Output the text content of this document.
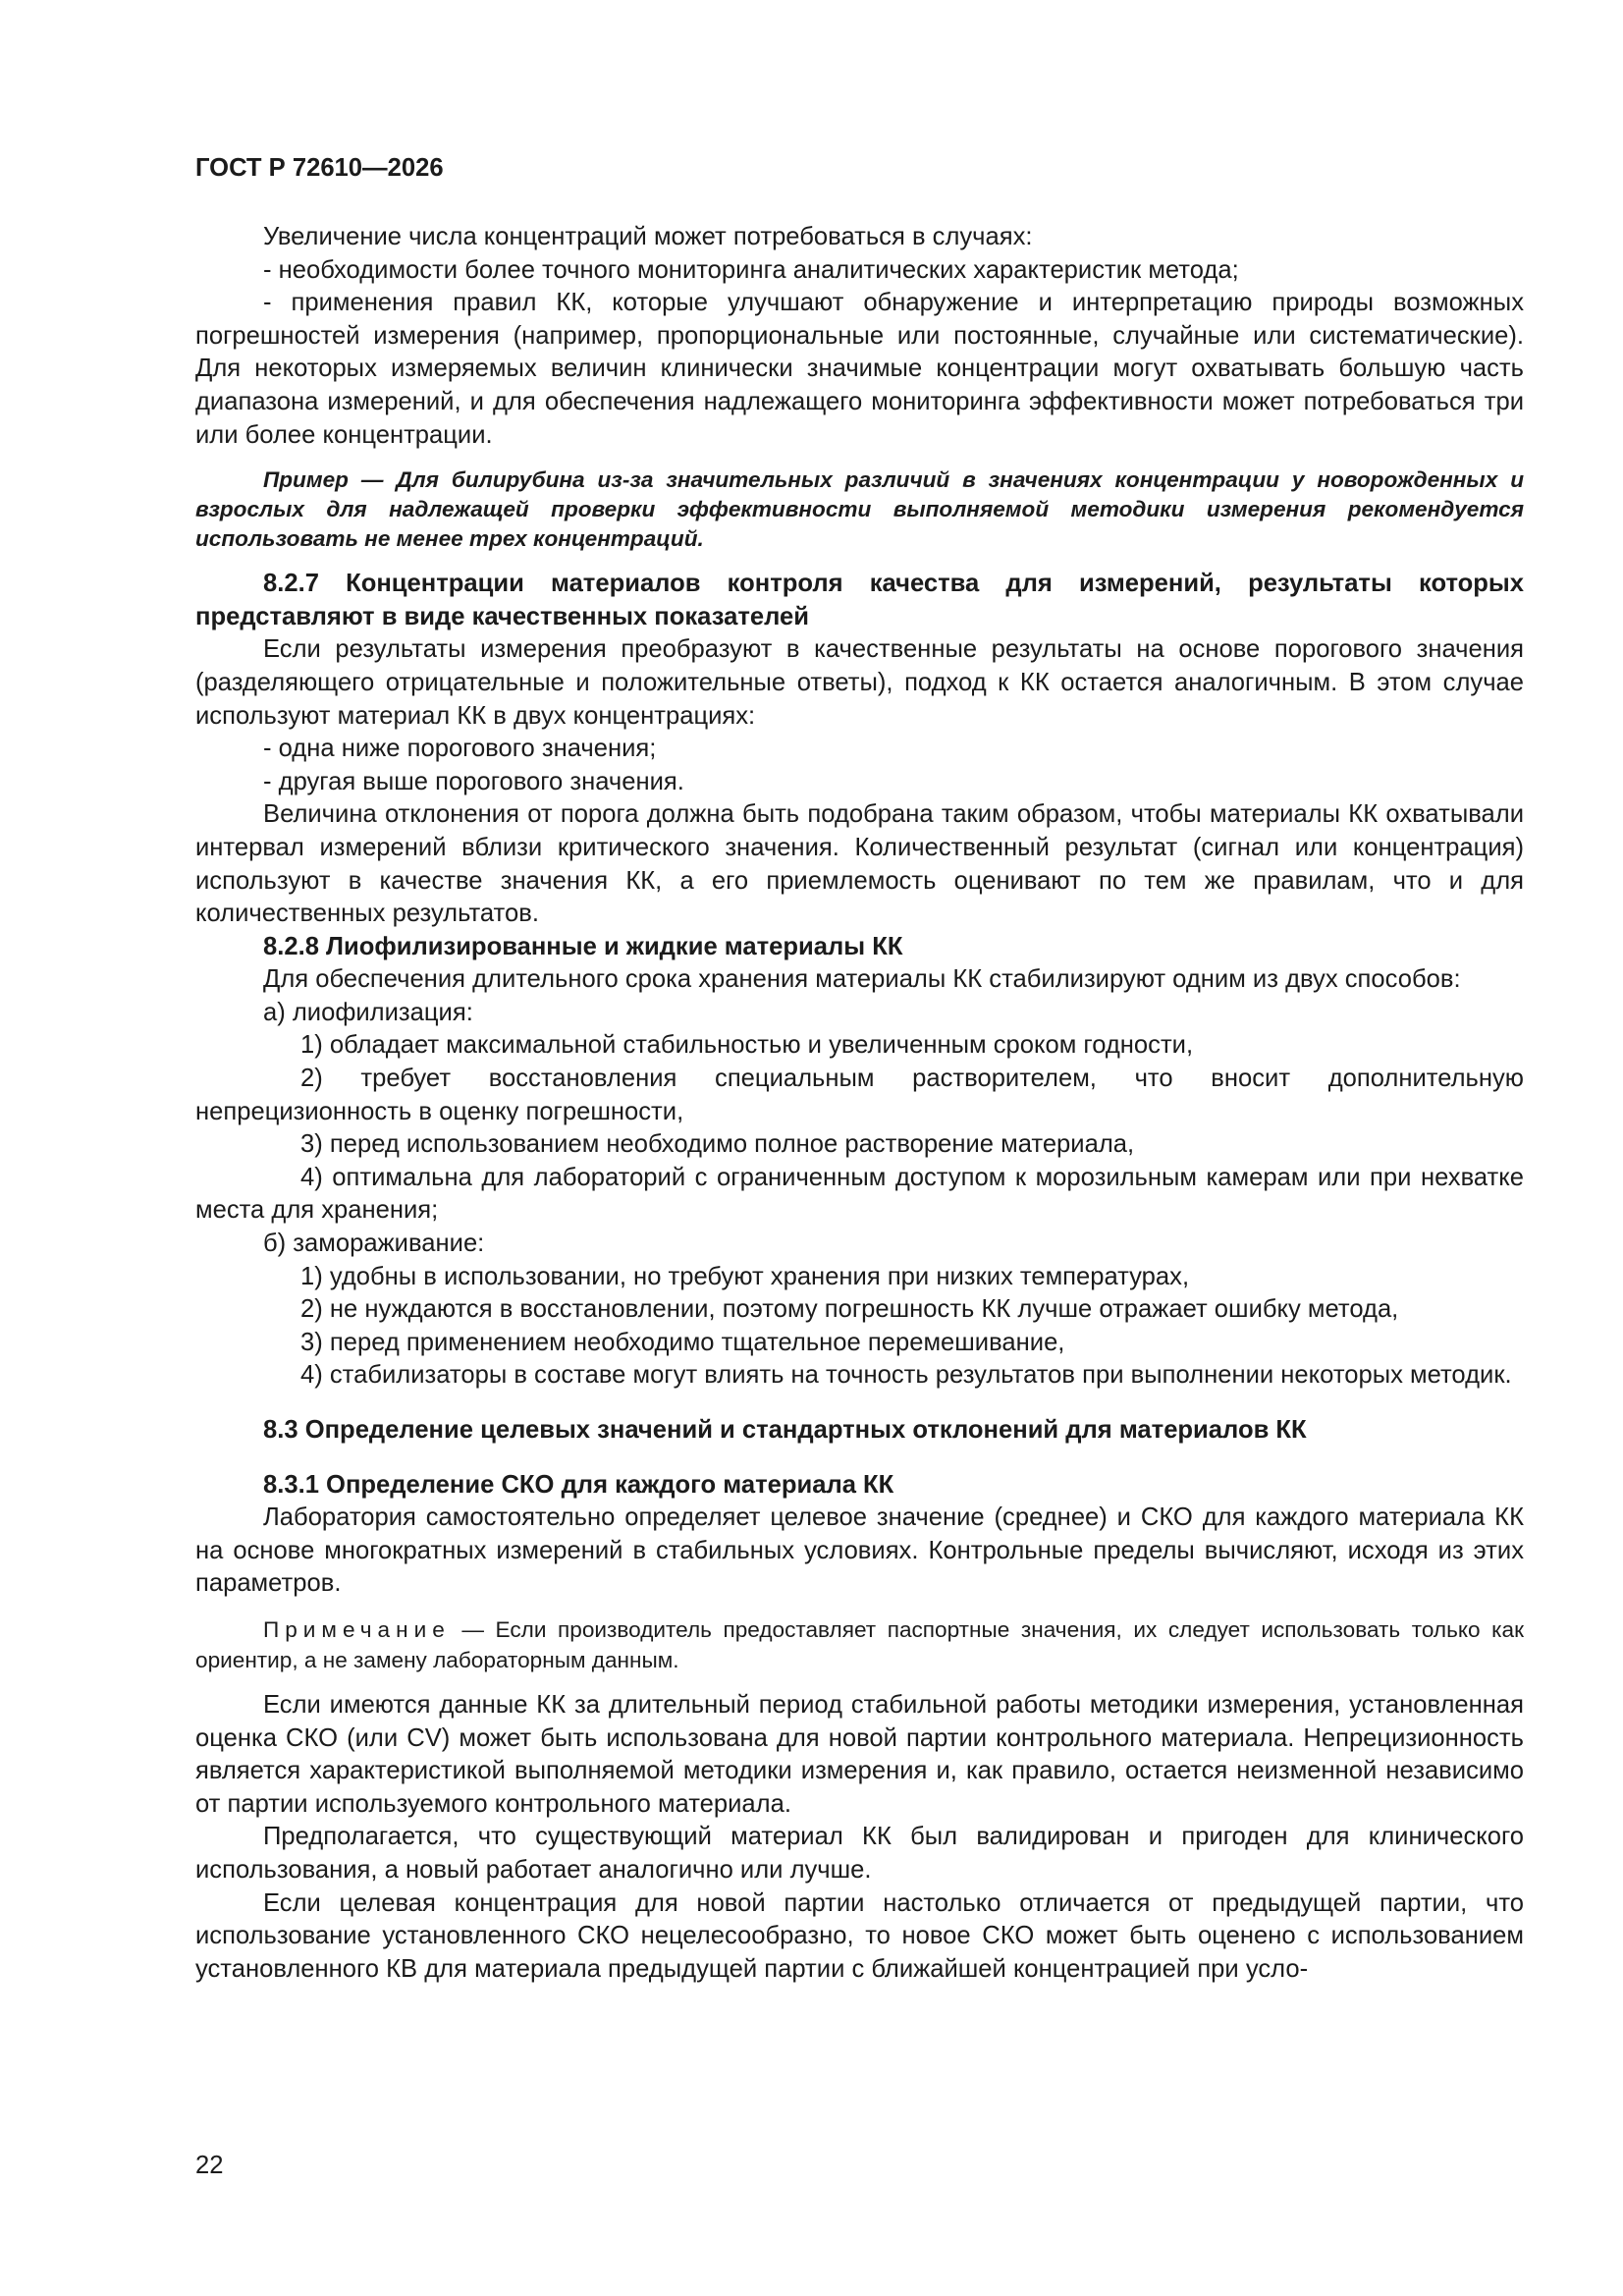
ГОСТ Р 72610—2026

Увеличение числа концентраций может потребоваться в случаях:

- необходимости более точного мониторинга аналитических характеристик метода;

- применения правил КК, которые улучшают обнаружение и интерпретацию природы возможных погрешностей измерения (например, пропорциональные или постоянные, случайные или систематические). Для некоторых измеряемых величин клинически значимые концентрации могут охватывать большую часть диапазона измерений, и для обеспечения надлежащего мониторинга эффективности может потребоваться три или более концентрации.

Пример — Для билирубина из-за значительных различий в значениях концентрации у новорожденных и взрослых для надлежащей проверки эффективности выполняемой методики измерения рекомендуется использовать не менее трех концентраций.

8.2.7 Концентрации материалов контроля качества для измерений, результаты которых представляют в виде качественных показателей

Если результаты измерения преобразуют в качественные результаты на основе порогового значения (разделяющего отрицательные и положительные ответы), подход к КК остается аналогичным. В этом случае используют материал КК в двух концентрациях:

- одна ниже порогового значения;

- другая выше порогового значения.

Величина отклонения от порога должна быть подобрана таким образом, чтобы материалы КК охватывали интервал измерений вблизи критического значения. Количественный результат (сигнал или концентрация) используют в качестве значения КК, а его приемлемость оценивают по тем же правилам, что и для количественных результатов.

8.2.8 Лиофилизированные и жидкие материалы КК

Для обеспечения длительного срока хранения материалы КК стабилизируют одним из двух способов:

а) лиофилизация:

1) обладает максимальной стабильностью и увеличенным сроком годности,

2) требует восстановления специальным растворителем, что вносит дополнительную непрецизионность в оценку погрешности,

3) перед использованием необходимо полное растворение материала,

4) оптимальна для лабораторий с ограниченным доступом к морозильным камерам или при нехватке места для хранения;

б) замораживание:

1) удобны в использовании, но требуют хранения при низких температурах,

2) не нуждаются в восстановлении, поэтому погрешность КК лучше отражает ошибку метода,

3) перед применением необходимо тщательное перемешивание,

4) стабилизаторы в составе могут влиять на точность результатов при выполнении некоторых методик.

8.3 Определение целевых значений и стандартных отклонений для материалов КК

8.3.1 Определение СКО для каждого материала КК

Лаборатория самостоятельно определяет целевое значение (среднее) и СКО для каждого материала КК на основе многократных измерений в стабильных условиях. Контрольные пределы вычисляют, исходя из этих параметров.

Примечание — Если производитель предоставляет паспортные значения, их следует использовать только как ориентир, а не замену лабораторным данным.

Если имеются данные КК за длительный период стабильной работы методики измерения, установленная оценка СКО (или CV) может быть использована для новой партии контрольного материала. Непрецизионность является характеристикой выполняемой методики измерения и, как правило, остается неизменной независимо от партии используемого контрольного материала.

Предполагается, что существующий материал КК был валидирован и пригоден для клинического использования, а новый работает аналогично или лучше.

Если целевая концентрация для новой партии настолько отличается от предыдущей партии, что использование установленного СКО нецелесообразно, то новое СКО может быть оценено с использованием установленного КВ для материала предыдущей партии с ближайшей концентрацией при усло-

22
